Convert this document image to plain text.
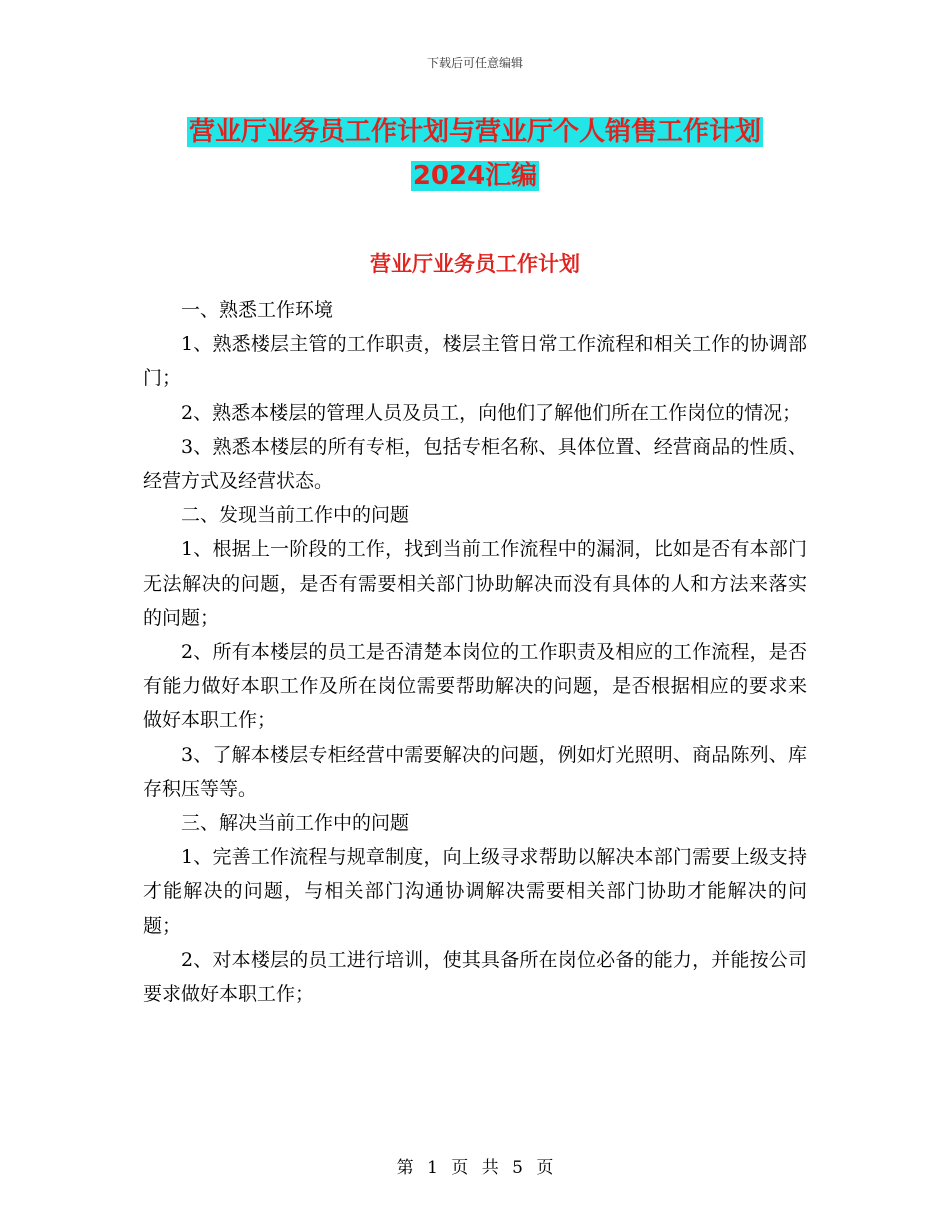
下载后可任意编辑
营业厅业务员工作计划与营业厅个人销售工作计划
2024汇编
营业厅业务员工作计划

一、熟悉工作环境

1、熟悉楼层主管的工作职责，楼层主管日常工作流程和相关工作的协调部门；

2、熟悉本楼层的管理人员及员工，向他们了解他们所在工作岗位的情况；

3、熟悉本楼层的所有专柜，包括专柜名称、具体位置、经营商品的性质、经营方式及经营状态。

二、发现当前工作中的问题

1、根据上一阶段的工作，找到当前工作流程中的漏洞，比如是否有本部门无法解决的问题，是否有需要相关部门协助解决而没有具体的人和方法来落实的问题；

2、所有本楼层的员工是否清楚本岗位的工作职责及相应的工作流程，是否有能力做好本职工作及所在岗位需要帮助解决的问题，是否根据相应的要求来做好本职工作；

3、了解本楼层专柜经营中需要解决的问题，例如灯光照明、商品陈列、库存积压等等。

三、解决当前工作中的问题

1、完善工作流程与规章制度，向上级寻求帮助以解决本部门需要上级支持才能解决的问题，与相关部门沟通协调解决需要相关部门协助才能解决的问题；

2、对本楼层的员工进行培训，使其具备所在岗位必备的能力，并能按公司要求做好本职工作；

第 1 页 共 5 页
